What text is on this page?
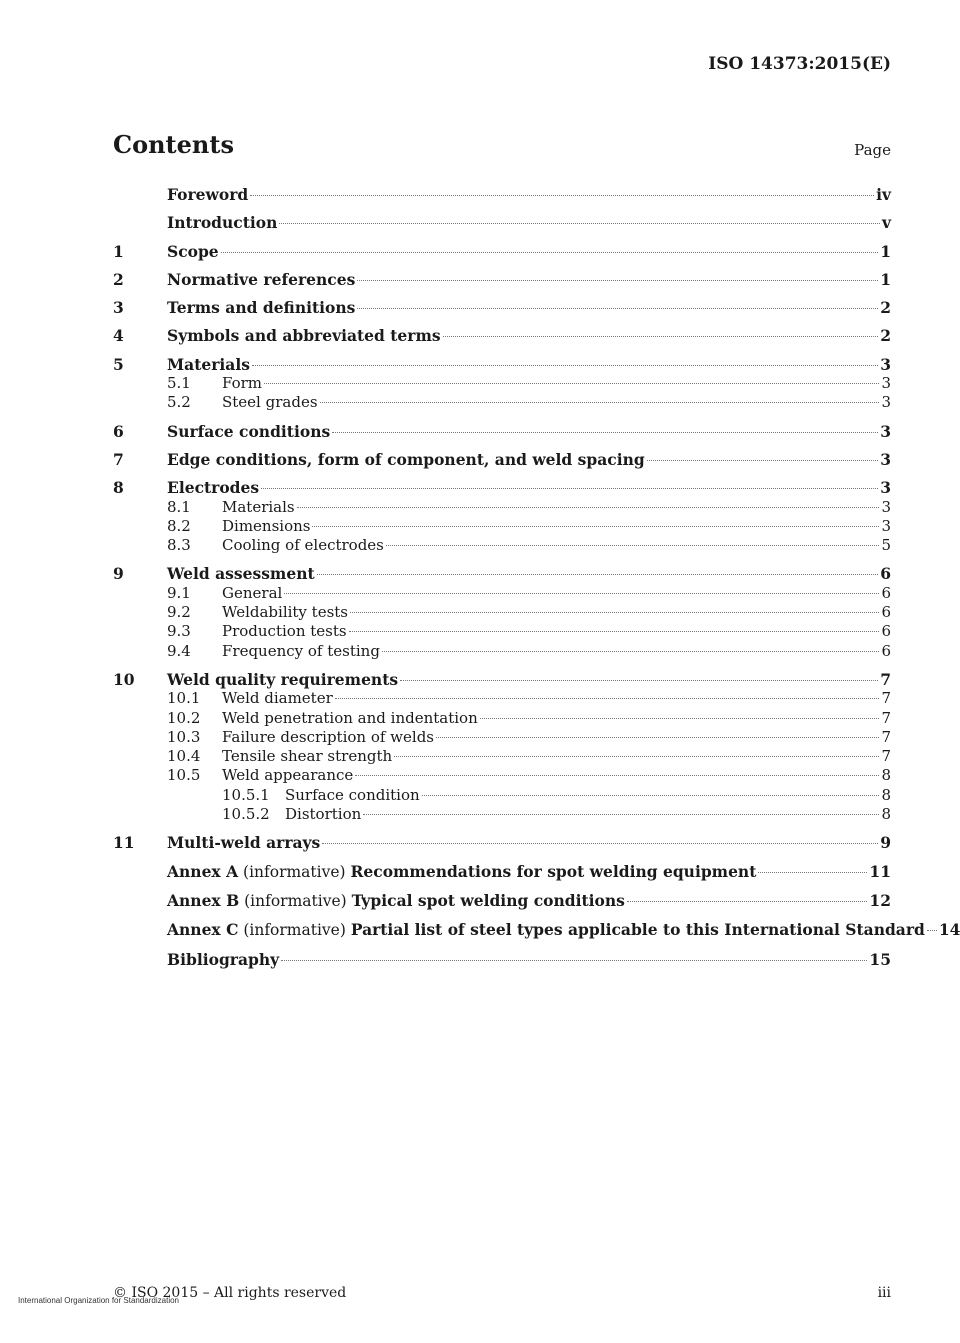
ISO 14373:2015(E)
Contents	Page
Foreword	iv
Introduction	v
1	Scope	1
2	Normative references	1
3	Terms and definitions	2
4	Symbols and abbreviated terms	2
5	Materials	3
5.1	Form	3
5.2	Steel grades	3
6	Surface conditions	3
7	Edge conditions, form of component, and weld spacing	3
8	Electrodes	3
8.1	Materials	3
8.2	Dimensions	3
8.3	Cooling of electrodes	5
9	Weld assessment	6
9.1	General	6
9.2	Weldability tests	6
9.3	Production tests	6
9.4	Frequency of testing	6
10	Weld quality requirements	7
10.1	Weld diameter	7
10.2	Weld penetration and indentation	7
10.3	Failure description of welds	7
10.4	Tensile shear strength	7
10.5	Weld appearance	8
10.5.1	Surface condition	8
10.5.2	Distortion	8
11	Multi-weld arrays	9
Annex A (informative) Recommendations for spot welding equipment	11
Annex B (informative) Typical spot welding conditions	12
Annex C (informative) Partial list of steel types applicable to this International Standard 14
Bibliography	15
© ISO 2015 – All rights reserved	iii
International Organization for Standardization
